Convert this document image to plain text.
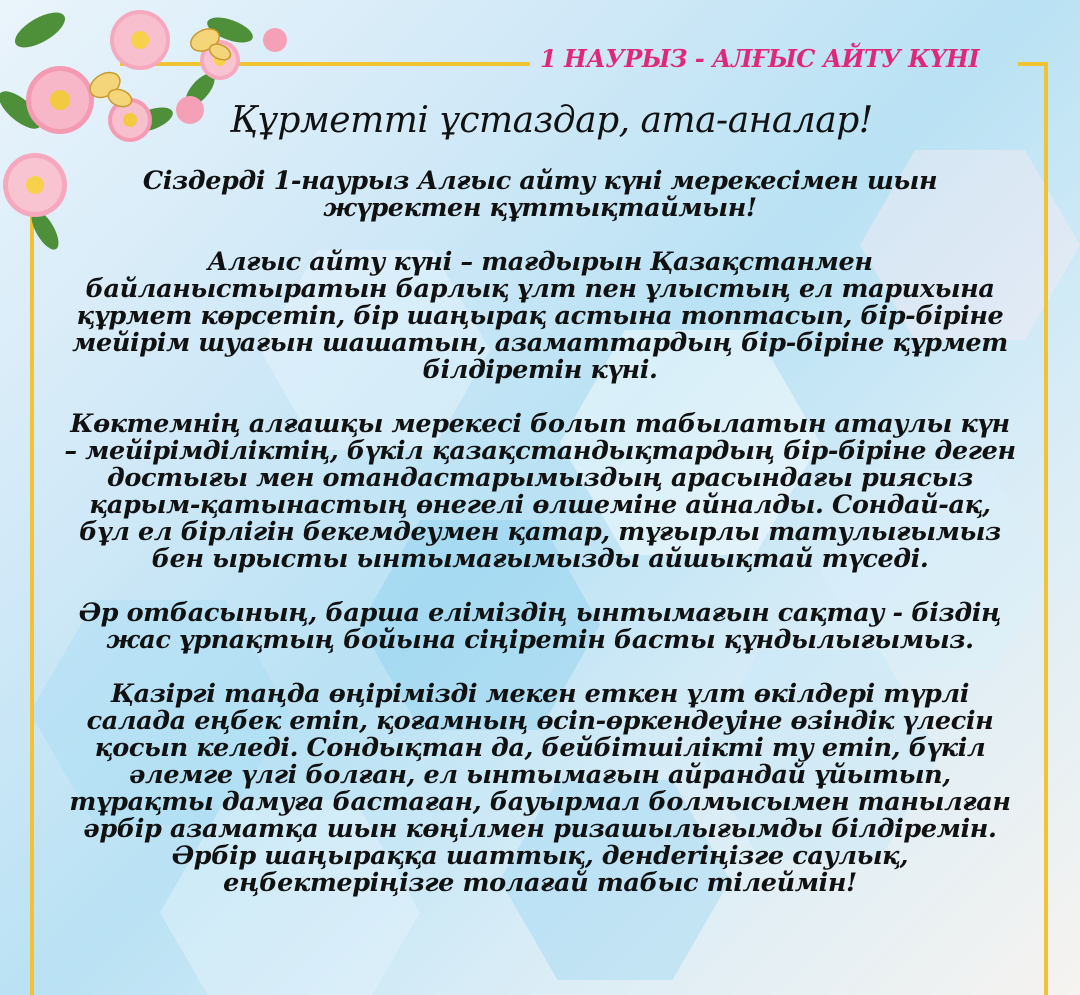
1 НАУРЫЗ - АЛҒЫС АЙТУ КҮНІ
Құрметті ұстаздар, ата-аналар!

Сіздерді 1-наурыз Алғыс айту күні мерекесімен шын жүректен құттықтаймын!

Алғыс айту күні – тағдырын Қазақстанмен байланыстыратын барлық ұлт пен ұлыстың ел тарихына құрмет көрсетіп, бір шаңырақ астына топтасып, бір-біріне мейірім шуағын шашатын, азаматтардың бір-біріне құрмет білдіретін күні.

Көктемнің алғашқы мерекесі болып табылатын атаулы күн – мейірімділіктің, бүкіл қазақстандықтардың бір-біріне деген достығы мен отандастарымыздың арасындағы риясыз қарым-қатынастың өнегелі өлшеміне айналды. Сондай-ақ, бұл ел бірлігін бекемдеумен қатар, тұғырлы татулығымыз бен ырысты ынтымағымызды айшықтай түседі.

Әр отбасының, барша еліміздің ынтымағын сақтау - біздің жас ұрпақтың бойына сіңіретін басты құндылығымыз.

Қазіргі таңда өңірімізді мекен еткен ұлт өкілдері түрлі салада еңбек етіп, қоғамның өсіп-өркендеуіне өзіндік үлесін қосып келеді. Сондықтан да, бейбітшілікті ту етіп, бүкіл әлемге үлгі болған, ел ынтымағын айрандай ұйытып, тұрақты дамуға бастаған, бауырмал болмысымен танылған әрбір азаматқа шын көңілмен ризашылығымды білдіремін. Әрбір шаңыраққа шаттық, денderіңізге саулық, еңбектеріңізге толағай табыс тілеймін!
